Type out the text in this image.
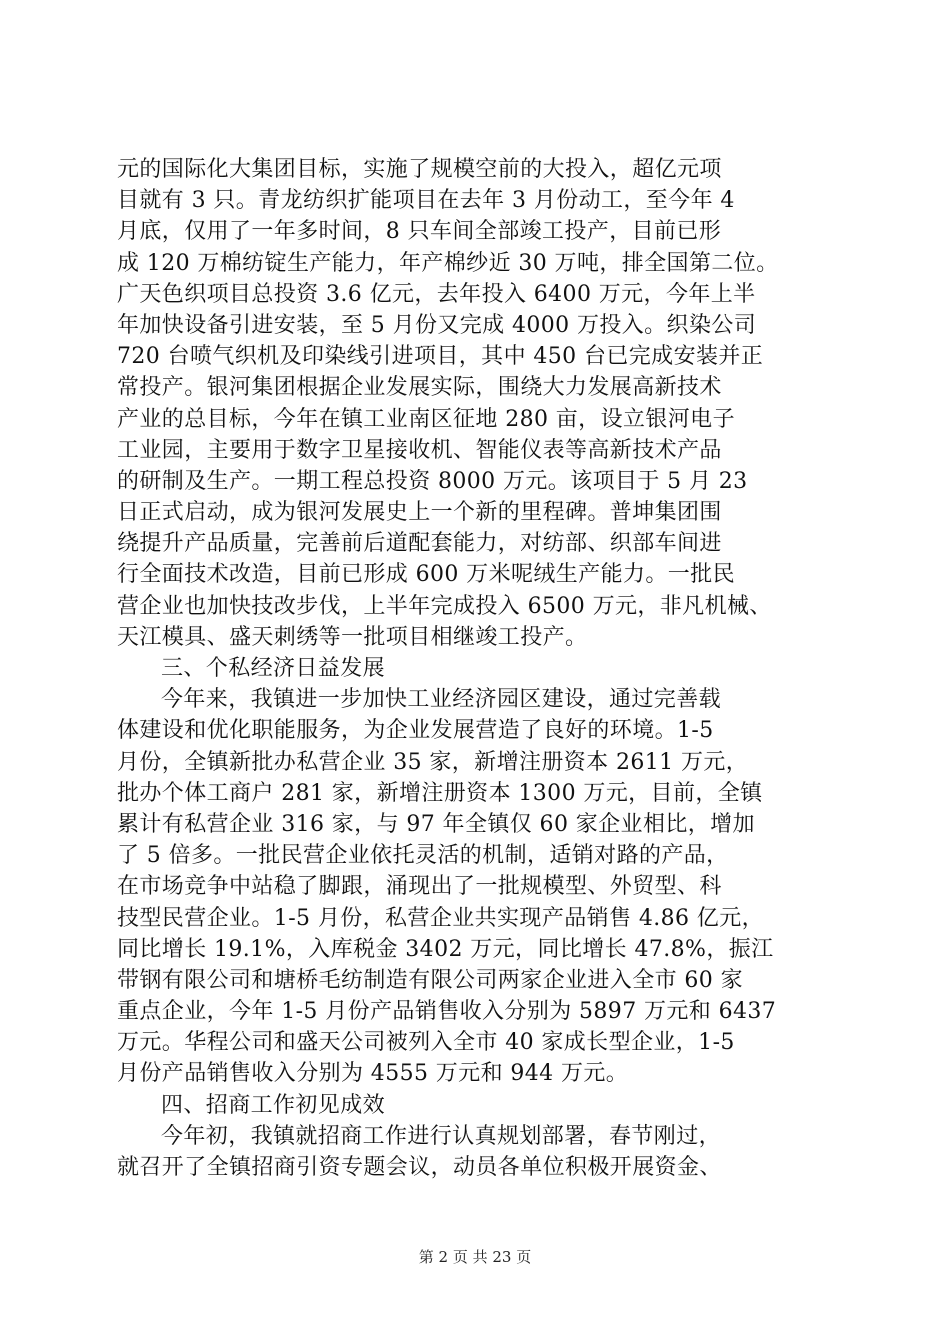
元的国际化大集团目标，实施了规模空前的大投入，超亿元项
目就有 3 只。青龙纺织扩能项目在去年 3 月份动工，至今年 4
月底，仅用了一年多时间，8 只车间全部竣工投产，目前已形
成 120 万棉纺锭生产能力，年产棉纱近 30 万吨，排全国第二位。
广天色织项目总投资 3.6 亿元，去年投入 6400 万元，今年上半
年加快设备引进安装，至 5 月份又完成 4000 万投入。织染公司
720 台喷气织机及印染线引进项目，其中 450 台已完成安装并正
常投产。银河集团根据企业发展实际，围绕大力发展高新技术
产业的总目标，今年在镇工业南区征地 280 亩，设立银河电子
工业园，主要用于数字卫星接收机、智能仪表等高新技术产品
的研制及生产。一期工程总投资 8000 万元。该项目于 5 月 23
日正式启动，成为银河发展史上一个新的里程碑。普坤集团围
绕提升产品质量，完善前后道配套能力，对纺部、织部车间进
行全面技术改造，目前已形成 600 万米呢绒生产能力。一批民
营企业也加快技改步伐，上半年完成投入 6500 万元，非凡机械、
天江模具、盛天刺绣等一批项目相继竣工投产。
三、个私经济日益发展
今年来，我镇进一步加快工业经济园区建设，通过完善载
体建设和优化职能服务，为企业发展营造了良好的环境。1-5
月份，全镇新批办私营企业 35 家，新增注册资本 2611 万元，
批办个体工商户 281 家，新增注册资本 1300 万元，目前，全镇
累计有私营企业 316 家，与 97 年全镇仅 60 家企业相比，增加
了 5 倍多。一批民营企业依托灵活的机制，适销对路的产品，
在市场竞争中站稳了脚跟，涌现出了一批规模型、外贸型、科
技型民营企业。1-5 月份，私营企业共实现产品销售 4.86 亿元，
同比增长 19.1%，入库税金 3402 万元，同比增长 47.8%，振江
带钢有限公司和塘桥毛纺制造有限公司两家企业进入全市 60 家
重点企业，今年 1-5 月份产品销售收入分别为 5897 万元和 6437
万元。华程公司和盛天公司被列入全市 40 家成长型企业，1-5
月份产品销售收入分别为 4555 万元和 944 万元。
四、招商工作初见成效
今年初，我镇就招商工作进行认真规划部署，春节刚过，
就召开了全镇招商引资专题会议，动员各单位积极开展资金、
第 2 页 共 23 页
